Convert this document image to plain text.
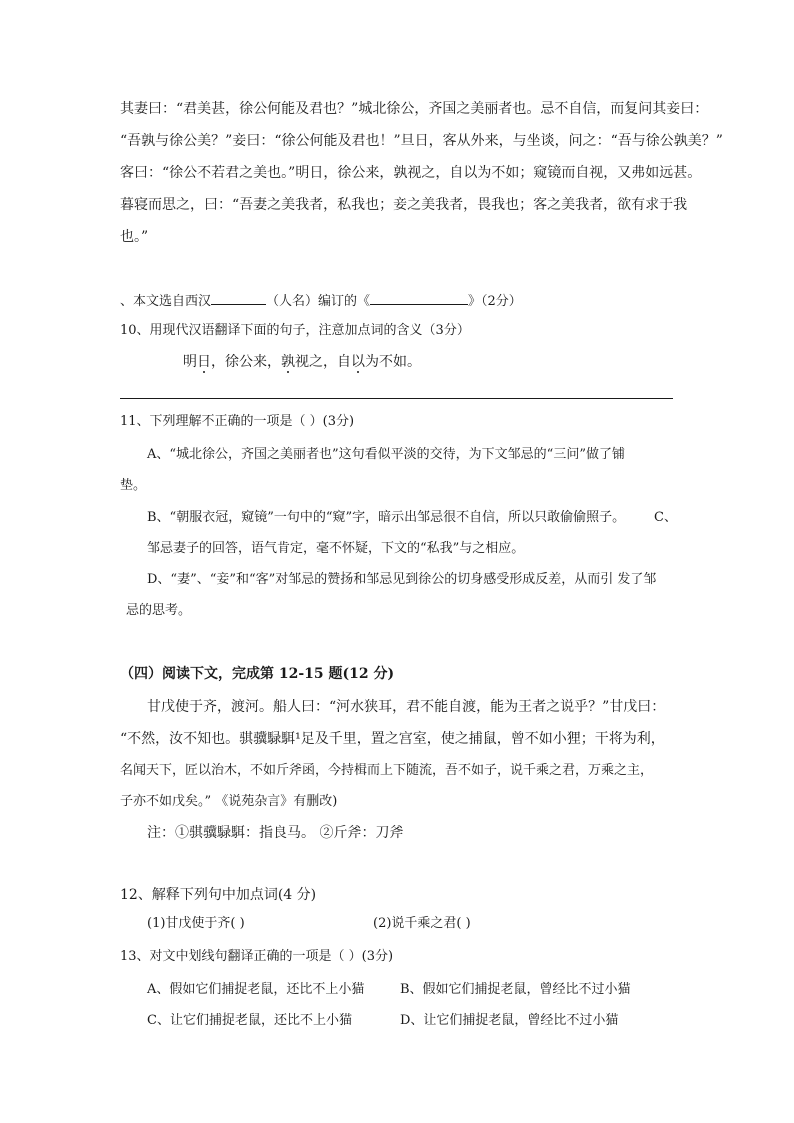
其妻曰：“君美甚，徐公何能及君也？”城北徐公，齐国之美丽者也。忌不自信，而复问其妾曰：
“吾孰与徐公美？”妾曰：“徐公何能及君也！”旦日，客从外来，与坐谈，问之：“吾与徐公孰美？”
客曰：“徐公不若君之美也。”明日，徐公来，孰视之，自以为不如；窥镜而自视，又弗如远甚。
暮寝而思之，曰：“吾妻之美我者，私我也；妾之美我者，畏我也；客之美我者，欲有求于我
也。”
、本文选自西汉	（人名）编订的《	》（2分）
10、用现代汉语翻译下面的句子，注意加点词的含义（3分）
明日，徐公来，孰视之，自以为不如。
11、下列理解不正确的一项是（ ）(3分)
A、“城北徐公，齐国之美丽者也”这句看似平淡的交待，为下文邹忌的“三问”做了铺
垫。
B、“朝服衣冠，窥镜”一句中的“窥”字，暗示出邹忌很不自信，所以只敢偷偷照子。 C、
邹忌妻子的回答，语气肯定，毫不怀疑，下文的“私我”与之相应。
D、“妻”、“妾”和“客”对邹忌的赞扬和邹忌见到徐公的切身感受形成反差，从而引 发了邹
忌的思考。
（四）阅读下文，完成第 12-15 题(12 分)
甘戊使于齐，渡河。船人曰：“河水狭耳，君不能自渡，能为王者之说乎？”甘戊曰：
“不然，汝不知也。骐骥騄駬¹足及千里，置之宫室，使之捕鼠，曾不如小狸；干将为利，
名闻天下，匠以治木，不如斤斧函，今持楫而上下随流，吾不如子，说千乘之君，万乘之主，
子亦不如戊矣。” 《说苑杂言》有删改)
注：①骐骥騄駬：指良马。 ②斤斧：刀斧
12、解释下列句中加点词(4 分)
(1)甘戊使于齐( )	(2)说千乘之君( )
13、对文中划线句翻译正确的一项是（ ）(3分)
A、假如它们捕捉老鼠，还比不上小猫	B、假如它们捕捉老鼠，曾经比不过小猫
C、让它们捕捉老鼠，还比不上小猫	D、让它们捕捉老鼠，曾经比不过小猫
